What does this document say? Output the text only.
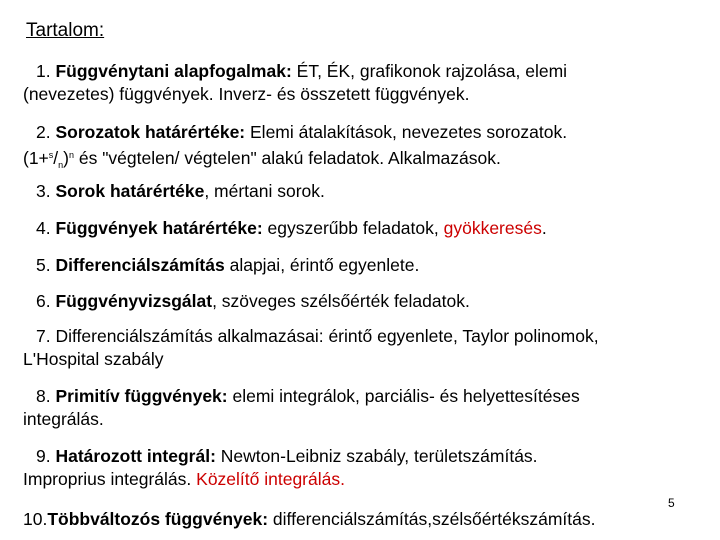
Tartalom:
1. Függvénytani alapfogalmak: ÉT, ÉK, grafikonok rajzolása, elemi
(nevezetes) függvények. Inverz- és összetett függvények.
2. Sorozatok határértéke: Elemi átalakítások, nevezetes sorozatok.
$(1+^s/_n)^n$ és "végtelen/ végtelen" alakú feladatok. Alkalmazások.
3. Sorok határértéke, mértani sorok.
4. Függvények határértéke: egyszerűbb feladatok, gyökkeresés.
5. Differenciálszámítás alapjai, érintő egyenlete.
6. Függvényvizsgálat, szöveges szélsőérték feladatok.
7. Differenciálszámítás alkalmazásai: érintő egyenlete, Taylor polinomok,
L'Hospital szabály
8. Primitív függvények: elemi integrálok, parciális- és helyettesítéses
integrálás.
9. Határozott integrál: Newton-Leibniz szabály, területszámítás.
Improprius integrálás. Közelítő integrálás.
10.Többváltozós függvények: differenciálszámítás,szélsőértékszámítás.
5
